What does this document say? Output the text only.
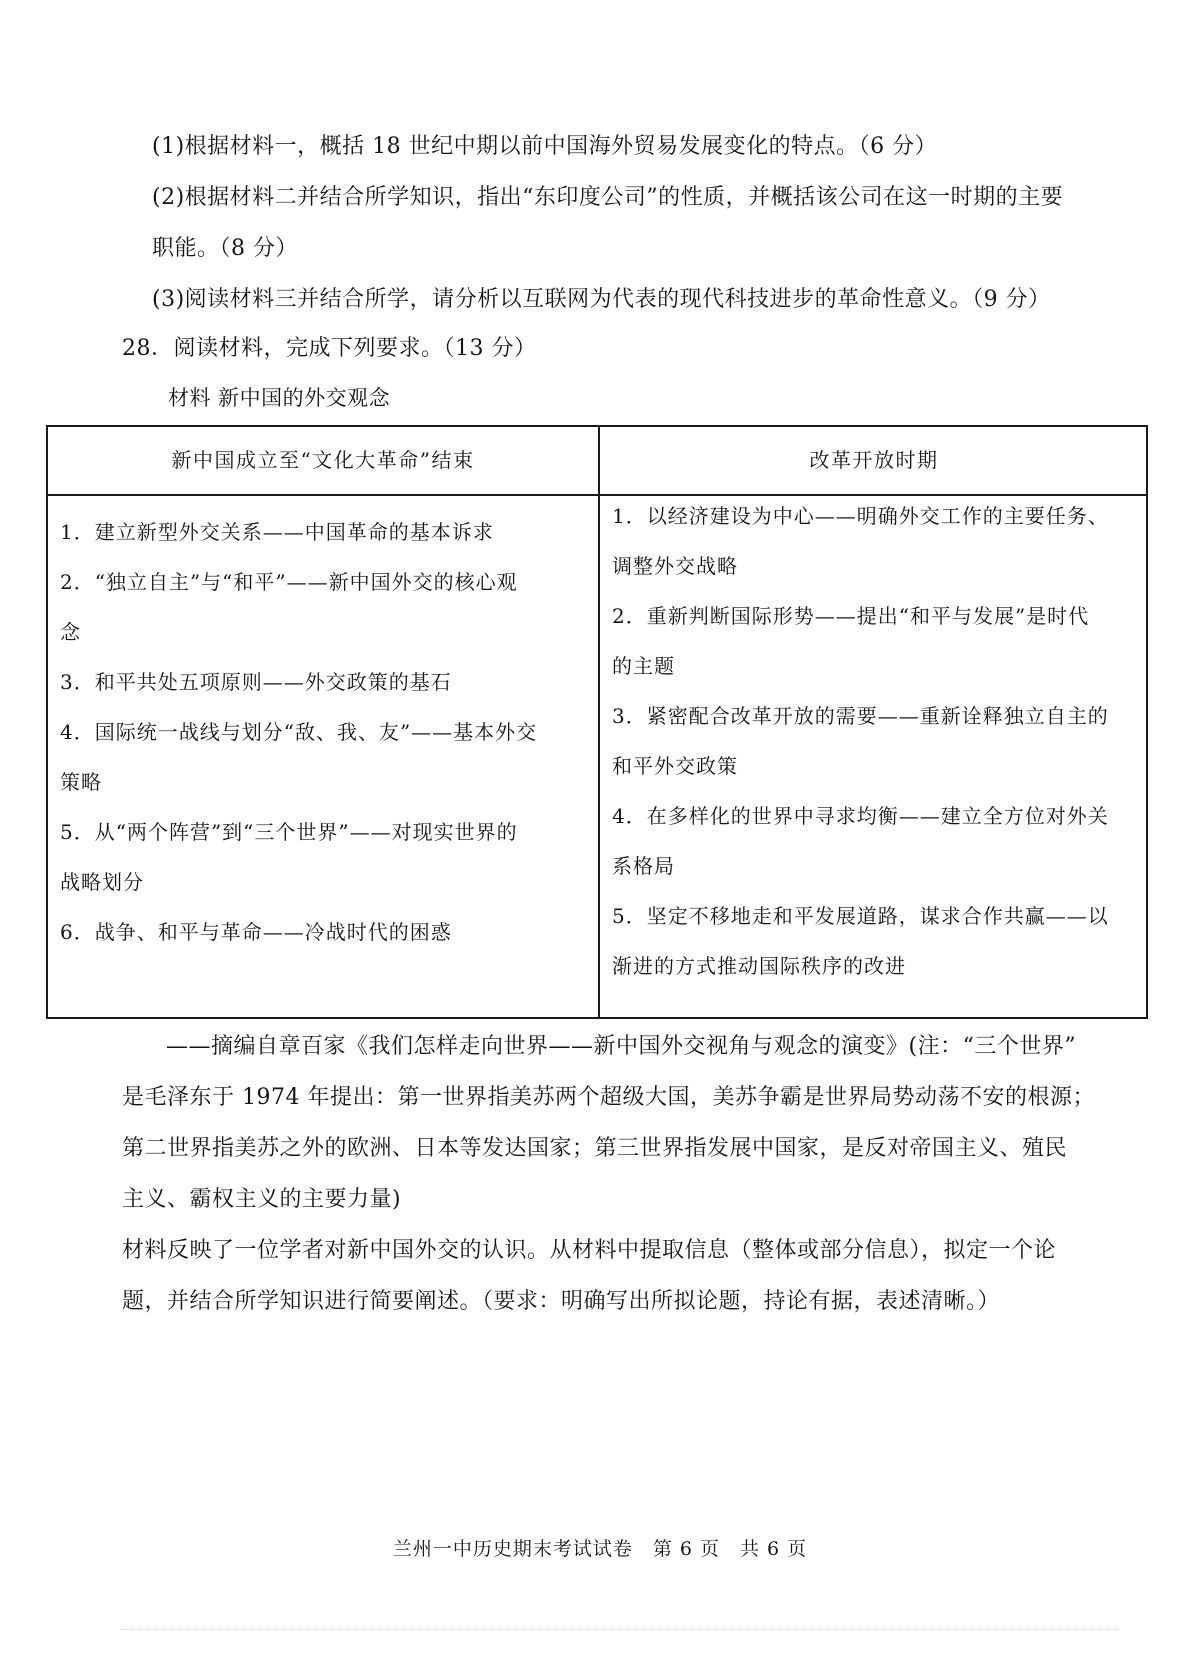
(1)根据材料一，概括 18 世纪中期以前中国海外贸易发展变化的特点。（6 分）
(2)根据材料二并结合所学知识，指出“东印度公司”的性质，并概括该公司在这一时期的主要
职能。（8 分）
(3)阅读材料三并结合所学，请分析以互联网为代表的现代科技进步的革命性意义。（9 分）
28．阅读材料，完成下列要求。（13 分）
材料 新中国的外交观念
新中国成立至“文化大革命”结束	改革开放时期
1．建立新型外交关系——中国革命的基本诉求
2．“独立自主”与“和平”——新中国外交的核心观
念
3．和平共处五项原则——外交政策的基石
4．国际统一战线与划分“敌、我、友”——基本外交
策略
5．从“两个阵营”到“三个世界”——对现实世界的
战略划分
6．战争、和平与革命——冷战时代的困惑
1．以经济建设为中心——明确外交工作的主要任务、
调整外交战略
2．重新判断国际形势——提出“和平与发展”是时代
的主题
3．紧密配合改革开放的需要——重新诠释独立自主的
和平外交政策
4．在多样化的世界中寻求均衡——建立全方位对外关
系格局
5．坚定不移地走和平发展道路，谋求合作共赢——以
渐进的方式推动国际秩序的改进
——摘编自章百家《我们怎样走向世界——新中国外交视角与观念的演变》(注：“三个世界”
是毛泽东于 1974 年提出：第一世界指美苏两个超级大国，美苏争霸是世界局势动荡不安的根源；
第二世界指美苏之外的欧洲、日本等发达国家；第三世界指发展中国家，是反对帝国主义、殖民
主义、霸权主义的主要力量)
材料反映了一位学者对新中国外交的认识。从材料中提取信息（整体或部分信息），拟定一个论
题，并结合所学知识进行简要阐述。（要求：明确写出所拟论题，持论有据，表述清晰。）
兰州一中历史期末考试试卷　第 6 页　共 6 页
